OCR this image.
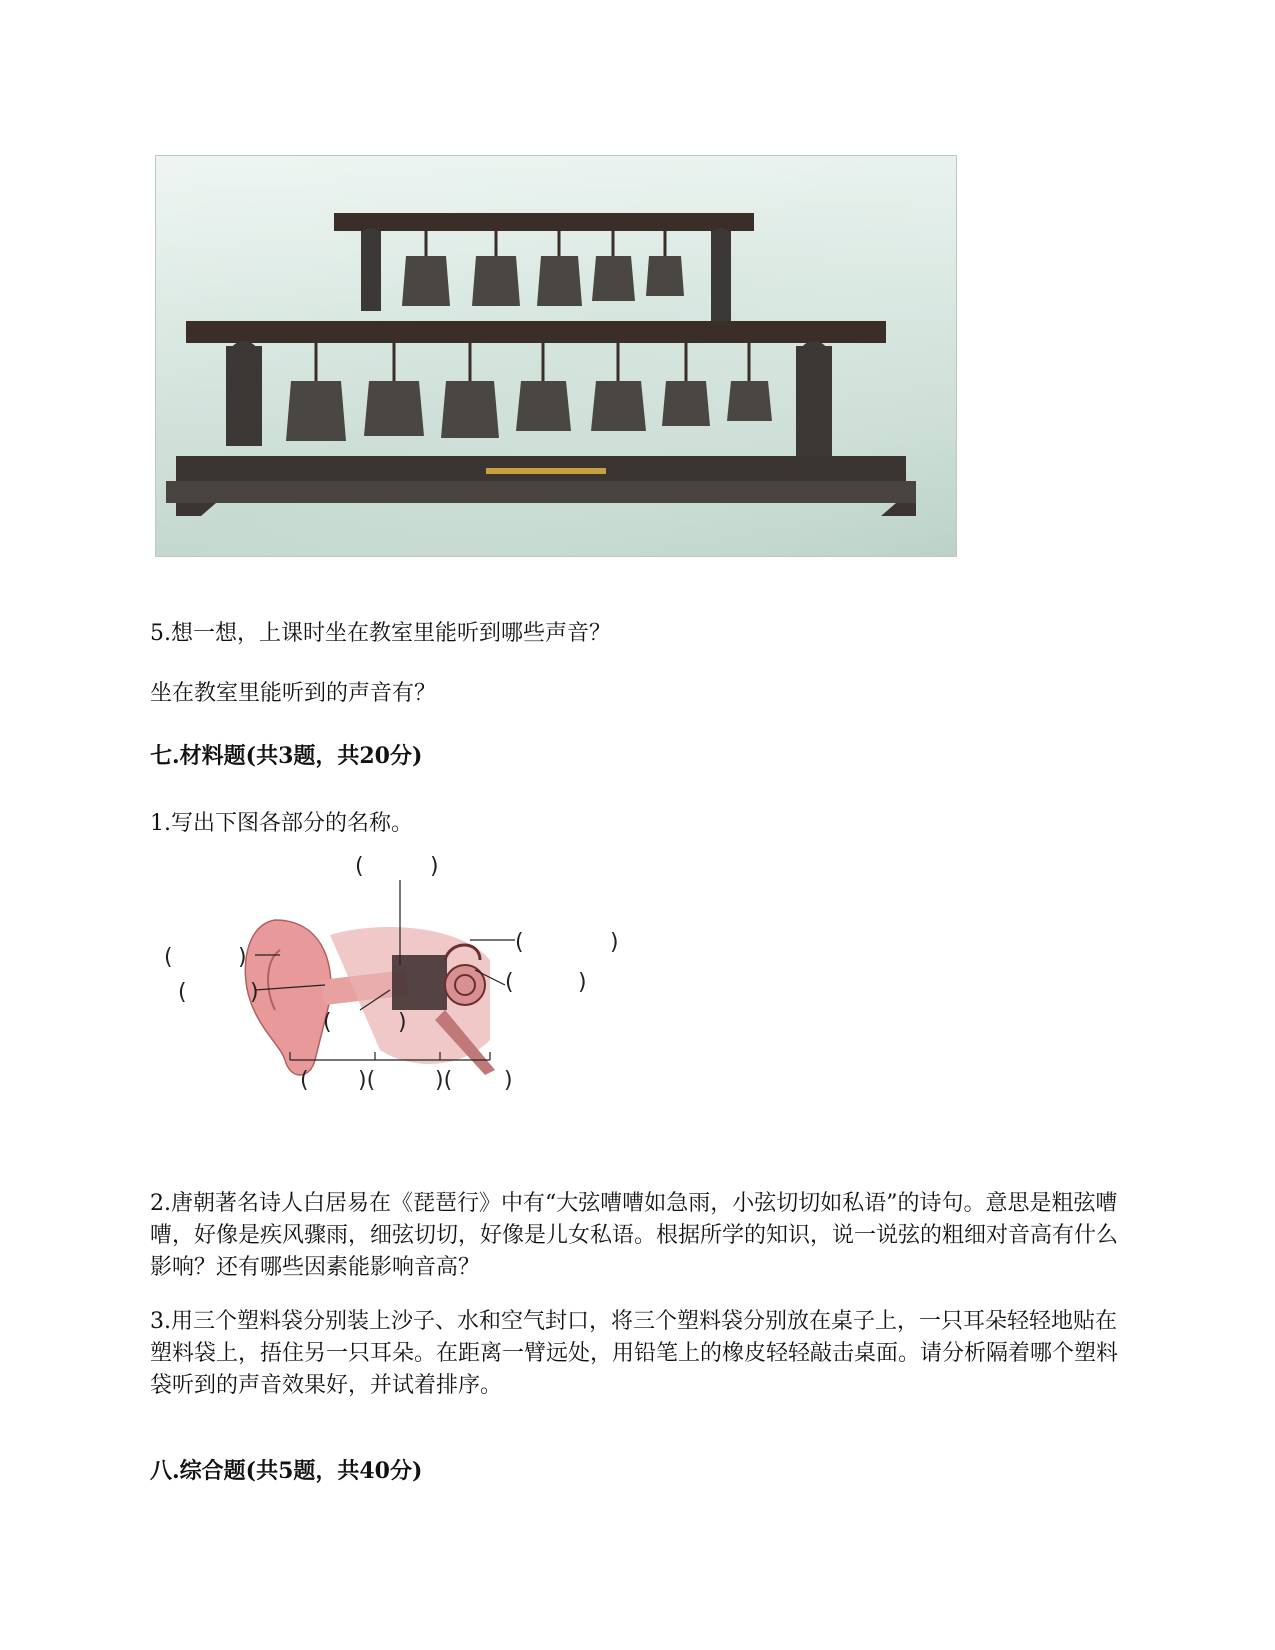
5.想一想，上课时坐在教室里能听到哪些声音？
坐在教室里能听到的声音有？
七.材料题(共3题，共20分)
1.写出下图各部分的名称。
(	)
(	)
(	)
(	)
(	)
(	)
( )(	)( )
2.唐朝著名诗人白居易在《琵琶行》中有“大弦嘈嘈如急雨，小弦切切如私语”的诗句。意思是粗弦嘈嘈，好像是疾风骤雨，细弦切切，好像是儿女私语。根据所学的知识，说一说弦的粗细对音高有什么影响？还有哪些因素能影响音高？
3.用三个塑料袋分别装上沙子、水和空气封口，将三个塑料袋分别放在桌子上，一只耳朵轻轻地贴在塑料袋上，捂住另一只耳朵。在距离一臂远处，用铅笔上的橡皮轻轻敲击桌面。请分析隔着哪个塑料袋听到的声音效果好，并试着排序。
八.综合题(共5题，共40分)
